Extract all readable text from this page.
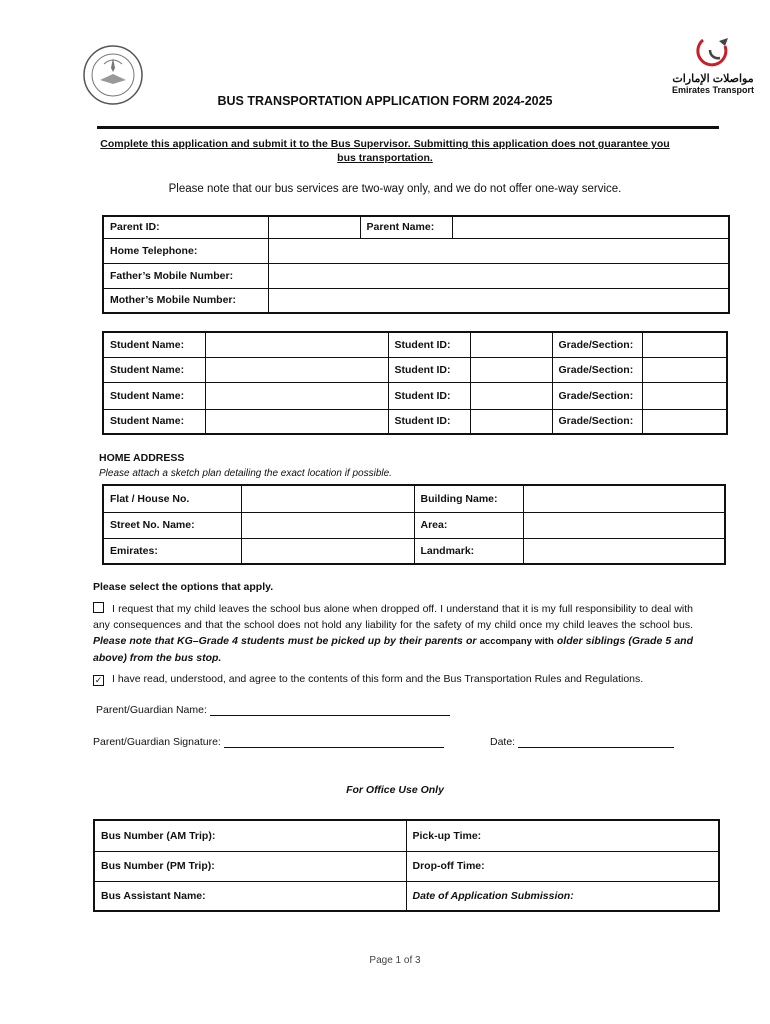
مواصلات الإمارات
Emirates Transport
BUS TRANSPORTATION APPLICATION FORM 2024-2025
Complete this application and submit it to the Bus Supervisor. Submitting this application does not guarantee you bus transportation.
Please note that our bus services are two-way only, and we do not offer one-way service.
Parent ID:		Parent Name:	
Home Telephone:			
Father’s Mobile Number:			
Mother’s Mobile Number:			
Student Name:		Student ID:		Grade/Section:	
Student Name:		Student ID:		Grade/Section:	
Student Name:		Student ID:		Grade/Section:	
Student Name:		Student ID:		Grade/Section:	
HOME ADDRESS
Please attach a sketch plan detailing the exact location if possible.
Flat / House No.		Building Name:	
Street No. Name:		Area:	
Emirates:		Landmark:	
Please select the options that apply.
I request that my child leaves the school bus alone when dropped off. I understand that it is my full responsibility to deal with any consequences and that the school does not hold any liability for the safety of my child once my child leaves the school bus. Please note that KG–Grade 4 students must be picked up by their parents or accompany with older siblings (Grade 5 and above) from the bus stop.
✓ I have read, understood, and agree to the contents of this form and the Bus Transportation Rules and Regulations.
Parent/Guardian Name:
Parent/Guardian Signature:	Date:
For Office Use Only
Bus Number (AM Trip):	Pick-up Time:
Bus Number (PM Trip):	Drop-off Time:
Bus Assistant Name:	Date of Application Submission:
Page 1 of 3
